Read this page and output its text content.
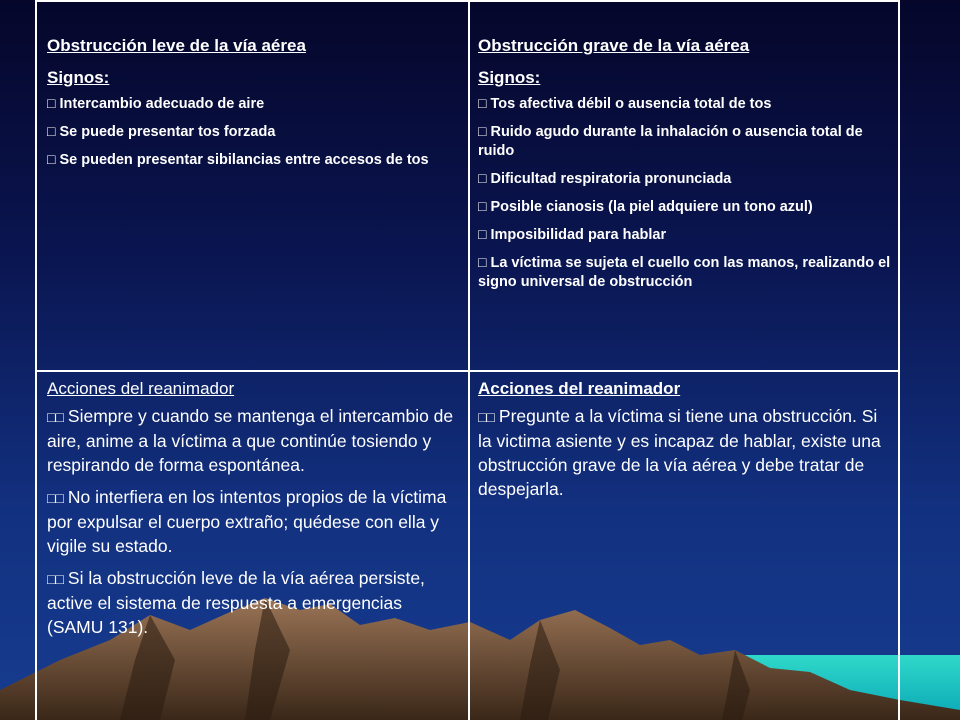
Obstrucción leve de la vía aérea
Signos:
□ Intercambio adecuado de aire
□ Se puede presentar tos forzada
□ Se pueden presentar sibilancias entre accesos de tos
Obstrucción grave de la vía aérea
Signos:
□ Tos afectiva débil o ausencia total de tos
□ Ruido agudo durante la inhalación o ausencia total de ruido
□ Dificultad respiratoria pronunciada
□ Posible cianosis (la piel adquiere un tono azul)
□ Imposibilidad para hablar
□ La víctima se sujeta el cuello con las manos, realizando el signo universal de obstrucción
Acciones del reanimador
□□ Siempre y cuando se mantenga el intercambio de aire, anime a la víctima a que continúe tosiendo y respirando de forma espontánea.
□□ No interfiera en los intentos propios de la víctima por expulsar el cuerpo extraño; quédese con ella y vigile su estado.
□□ Si la obstrucción leve de la vía aérea persiste, active el sistema de respuesta a emergencias (SAMU 131).
Acciones del reanimador
□□ Pregunte a la víctima si tiene una obstrucción. Si la victima asiente y es incapaz de hablar, existe una obstrucción grave de la vía aérea y debe tratar de despejarla.
